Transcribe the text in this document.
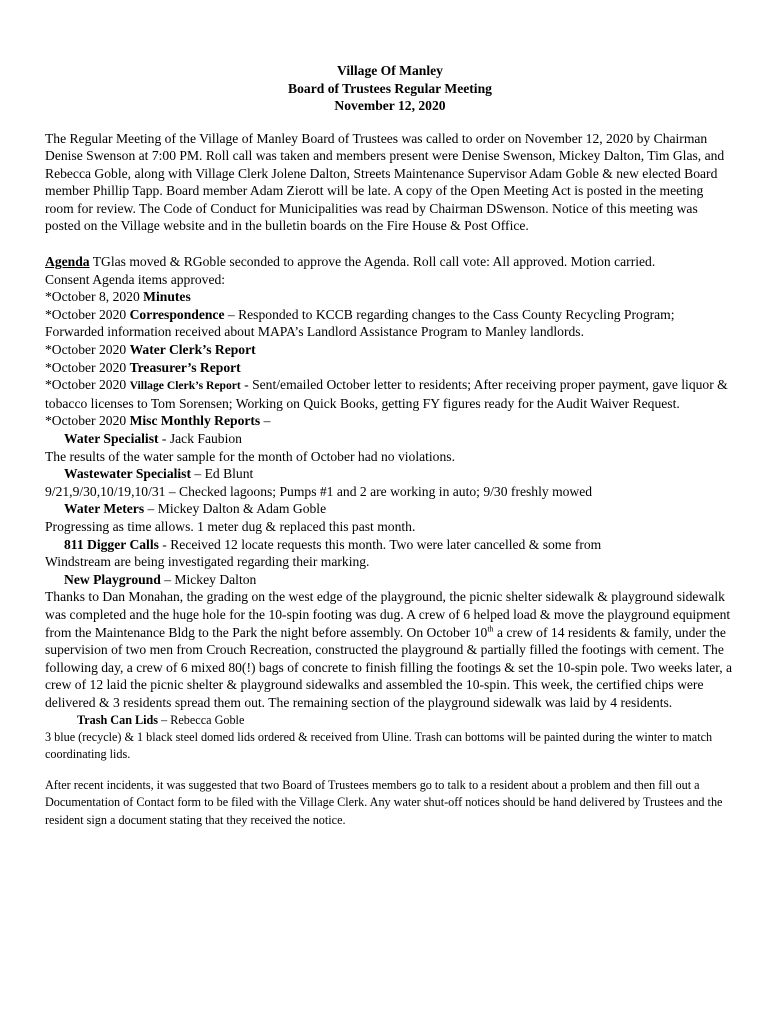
Village Of Manley
Board of Trustees Regular Meeting
November 12, 2020

The Regular Meeting of the Village of Manley Board of Trustees was called to order on November 12, 2020 by Chairman Denise Swenson at 7:00 PM. Roll call was taken and members present were Denise Swenson, Mickey Dalton, Tim Glas, and Rebecca Goble, along with Village Clerk Jolene Dalton, Streets Maintenance Supervisor Adam Goble & new elected Board member Phillip Tapp. Board member Adam Zierott will be late. A copy of the Open Meeting Act is posted in the meeting room for review. The Code of Conduct for Municipalities was read by Chairman DSwenson. Notice of this meeting was posted on the Village website and in the bulletin boards on the Fire House & Post Office.

Agenda TGlas moved & RGoble seconded to approve the Agenda. Roll call vote: All approved. Motion carried.

Consent Agenda items approved:

*October 8, 2020 Minutes

*October 2020 Correspondence – Responded to KCCB regarding changes to the Cass County Recycling Program; Forwarded information received about MAPA’s Landlord Assistance Program to Manley landlords.

*October 2020 Water Clerk’s Report

*October 2020 Treasurer’s Report

*October 2020 Village Clerk’s Report - Sent/emailed October letter to residents; After receiving proper payment, gave liquor & tobacco licenses to Tom Sorensen; Working on Quick Books, getting FY figures ready for the Audit Waiver Request.

*October 2020 Misc Monthly Reports –

Water Specialist - Jack Faubion

The results of the water sample for the month of October had no violations.

Wastewater Specialist – Ed Blunt

9/21,9/30,10/19,10/31 – Checked lagoons; Pumps #1 and 2 are working in auto; 9/30 freshly mowed

Water Meters – Mickey Dalton & Adam Goble

Progressing as time allows. 1 meter dug & replaced this past month.

811 Digger Calls - Received 12 locate requests this month. Two were later cancelled & some from

Windstream are being investigated regarding their marking.

New Playground – Mickey Dalton

Thanks to Dan Monahan, the grading on the west edge of the playground, the picnic shelter sidewalk & playground sidewalk was completed and the huge hole for the 10-spin footing was dug. A crew of 6 helped load & move the playground equipment from the Maintenance Bldg to the Park the night before assembly. On October 10th a crew of 14 residents & family, under the supervision of two men from Crouch Recreation, constructed the playground & partially filled the footings with cement. The following day, a crew of 6 mixed 80(!) bags of concrete to finish filling the footings & set the 10-spin pole. Two weeks later, a crew of 12 laid the picnic shelter & playground sidewalks and assembled the 10-spin. This week, the certified chips were delivered & 3 residents spread them out. The remaining section of the playground sidewalk was laid by 4 residents.

Trash Can Lids – Rebecca Goble

3 blue (recycle) & 1 black steel domed lids ordered & received from Uline. Trash can bottoms will be painted during the winter to match coordinating lids.

After recent incidents, it was suggested that two Board of Trustees members go to talk to a resident about a problem and then fill out a Documentation of Contact form to be filed with the Village Clerk. Any water shut-off notices should be hand delivered by Trustees and the resident sign a document stating that they received the notice.
